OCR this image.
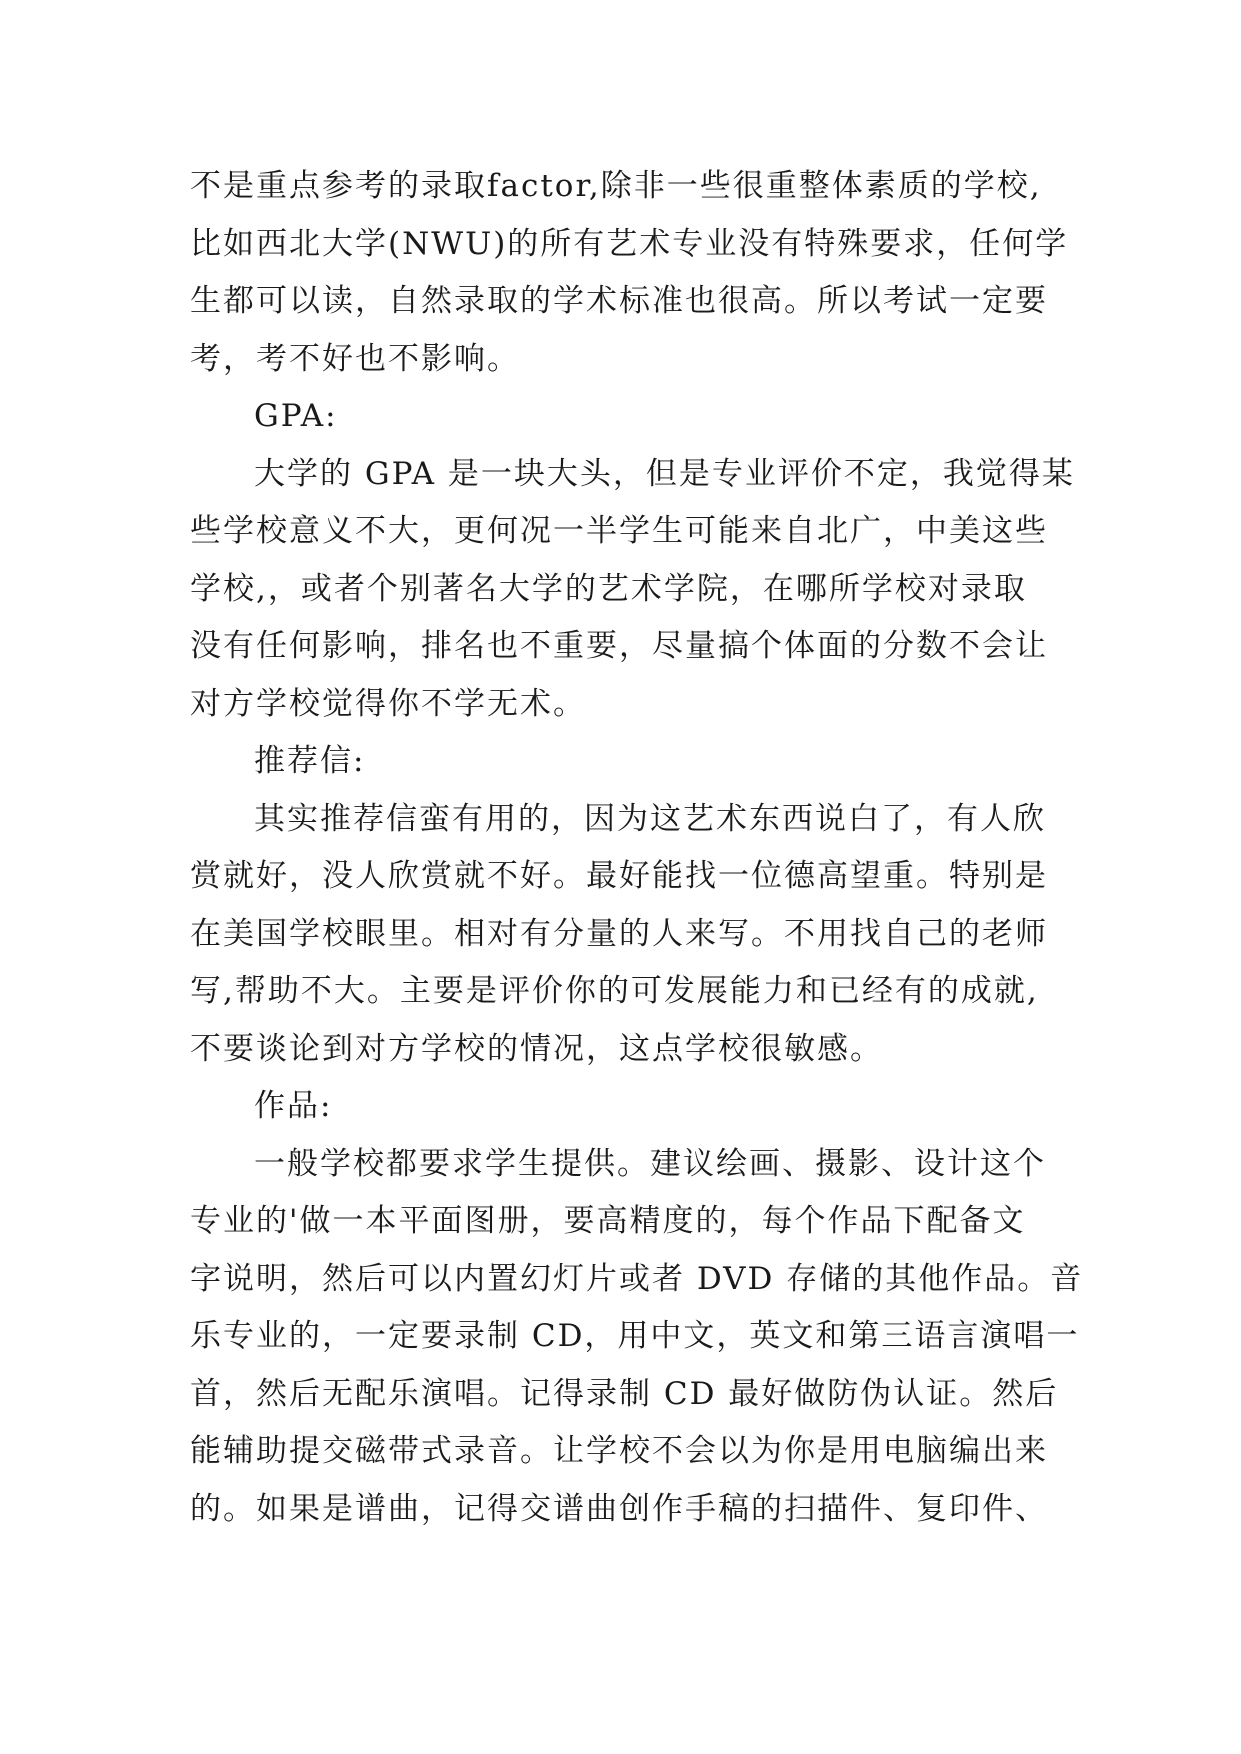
不是重点参考的录取factor,除非一些很重整体素质的学校,
比如西北大学(NWU)的所有艺术专业没有特殊要求，任何学
生都可以读，自然录取的学术标准也很高。所以考试一定要
考，考不好也不影响。
GPA:
大学的 GPA 是一块大头，但是专业评价不定，我觉得某
些学校意义不大，更何况一半学生可能来自北广，中美这些
学校,，或者个别著名大学的艺术学院，在哪所学校对录取
没有任何影响，排名也不重要，尽量搞个体面的分数不会让
对方学校觉得你不学无术。
推荐信:
其实推荐信蛮有用的，因为这艺术东西说白了，有人欣
赏就好，没人欣赏就不好。最好能找一位德高望重。特别是
在美国学校眼里。相对有分量的人来写。不用找自己的老师
写,帮助不大。主要是评价你的可发展能力和已经有的成就,
不要谈论到对方学校的情况，这点学校很敏感。
作品:
一般学校都要求学生提供。建议绘画、摄影、设计这个
专业的'做一本平面图册，要高精度的，每个作品下配备文
字说明，然后可以内置幻灯片或者 DVD 存储的其他作品。音
乐专业的，一定要录制 CD，用中文，英文和第三语言演唱一
首，然后无配乐演唱。记得录制 CD 最好做防伪认证。然后
能辅助提交磁带式录音。让学校不会以为你是用电脑编出来
的。如果是谱曲，记得交谱曲创作手稿的扫描件、复印件、
